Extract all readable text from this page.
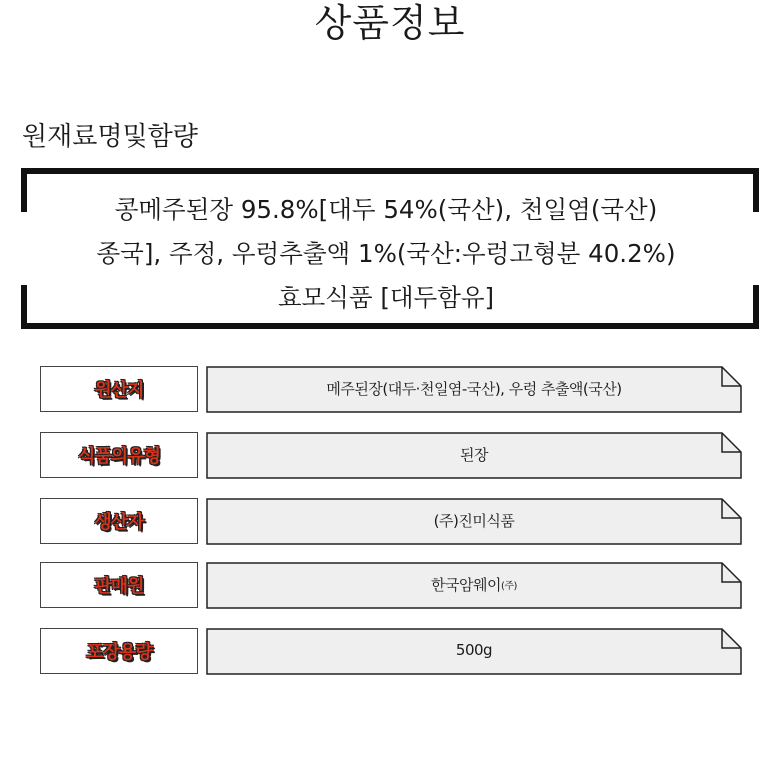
상품정보
원재료명및함량
콩메주된장 95.8%[대두 54%(국산), 천일염(국산)
종국], 주정, 우렁추출액 1%(국산:우렁고형분 40.2%)
효모식품 [대두함유]
원산지	메주된장(대두·천일염-국산), 우렁 추출액(국산)
식품의유형	된장
생산자	(주)진미식품
판매원	한국암웨이 (주)
포장용량	500g
